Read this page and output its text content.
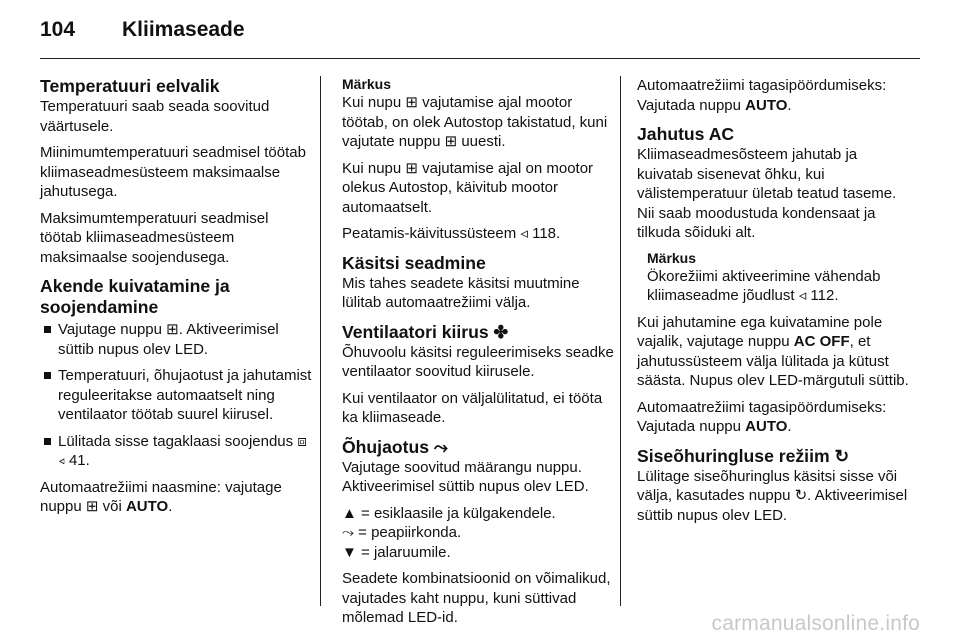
104 Kliimaseade
Temperatuuri eelvalik

Temperatuuri saab seada soovitud väärtusele.

Miinimumtemperatuuri seadmisel töötab kliimaseadmesüsteem maksimaalse jahutusega.

Maksimumtemperatuuri seadmisel töötab kliimaseadmesüsteem maksimaalse soojendusega.

Akende kuivatamine ja soojendamine
Vajutage nuppu ⊞. Aktiveerimisel süttib nupus olev LED.
Temperatuuri, õhujaotust ja jahutamist reguleeritakse automaatselt ning ventilaator töötab suurel kiirusel.
Lülitada sisse tagaklaasi soojendus ⧈ ◃ 41.

Automaatrežiimi naasmine: vajutage nuppu ⊞ või AUTO.

Märkus

Kui nupu ⊞ vajutamise ajal mootor töötab, on olek Autostop takistatud, kuni vajutate nuppu ⊞ uuesti.

Kui nupu ⊞ vajutamise ajal on mootor olekus Autostop, käivitub mootor automaatselt.

Peatamis-käivitussüsteem ◃ 118.

Käsitsi seadmine

Mis tahes seadete käsitsi muutmine lülitab automaatrežiimi välja.

Ventilaatori kiirus ✤

Õhuvoolu käsitsi reguleerimiseks seadke ventilaator soovitud kiirusele.

Kui ventilaator on väljalülitatud, ei tööta ka kliimaseade.

Õhujaotus ⤳

Vajutage soovitud määrangu nuppu. Aktiveerimisel süttib nupus olev LED.

▲ = esiklaasile ja külgakendele.
⤳ = peapiirkonda.
▼ = jalaruumile.

Seadete kombinatsioonid on võimalikud, vajutades kaht nuppu, kuni süttivad mõlemad LED-id.

Automaatrežiimi tagasipöördumiseks: Vajutada nuppu AUTO.

Jahutus AC

Kliimaseadmesõsteem jahutab ja kuivatab sisenevat õhku, kui välistemperatuur ületab teatud taseme. Nii saab moodustuda kondensaat ja tilkuda sõiduki alt.

Märkus

Ökorežiimi aktiveerimine vähendab kliimaseadme jõudlust ◃ 112.

Kui jahutamine ega kuivatamine pole vajalik, vajutage nuppu AC OFF, et jahutussüsteem välja lülitada ja kütust säästa. Nupus olev LED-märgutuli süttib.

Automaatrežiimi tagasipöördumiseks: Vajutada nuppu AUTO.

Siseõhuringluse režiim ↻

Lülitage siseõhuringlus käsitsi sisse või välja, kasutades nuppu ↻. Aktiveerimisel süttib nupus olev LED.

carmanualsonline.info
